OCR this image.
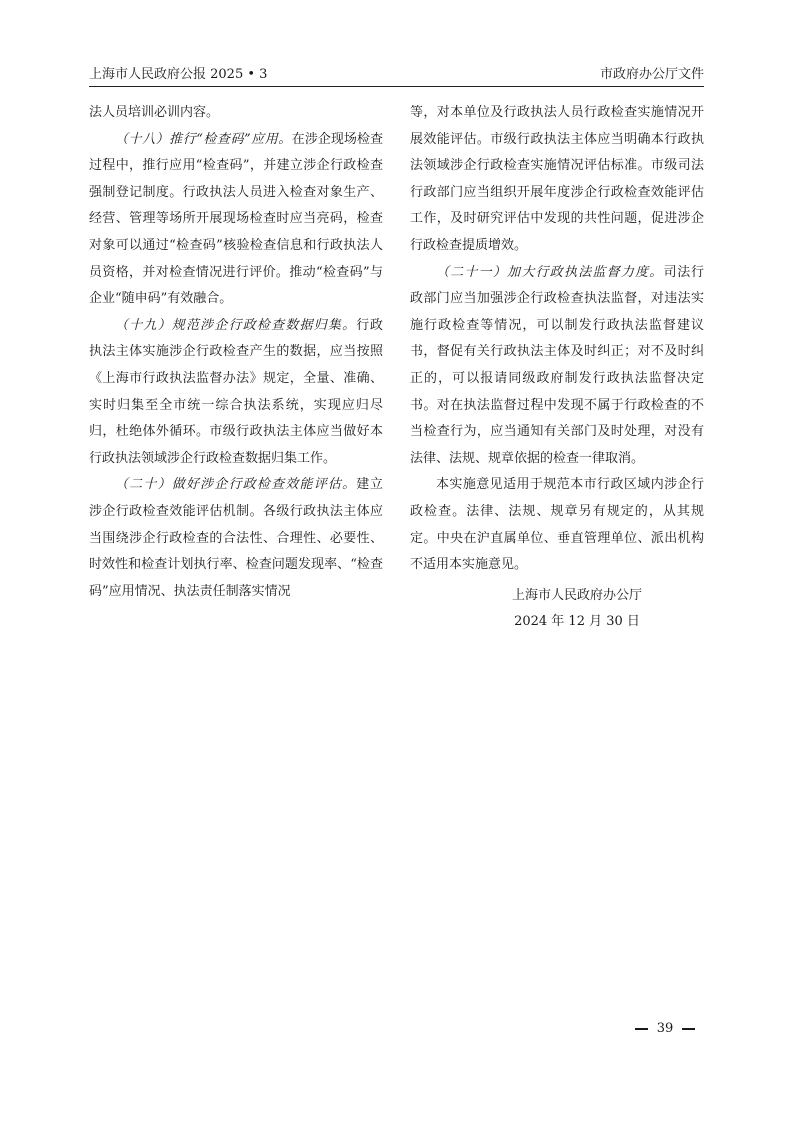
上海市人民政府公报 2025 • 3	市政府办公厅文件

法人员培训必训内容。

（十八）推行“检查码”应用。在涉企现场检查过程中，推行应用“检查码”，并建立涉企行政检查强制登记制度。行政执法人员进入检查对象生产、经营、管理等场所开展现场检查时应当亮码，检查对象可以通过“检查码”核验检查信息和行政执法人员资格，并对检查情况进行评价。推动“检查码”与企业“随申码”有效融合。

（十九）规范涉企行政检查数据归集。行政执法主体实施涉企行政检查产生的数据，应当按照《上海市行政执法监督办法》规定，全量、准确、实时归集至全市统一综合执法系统，实现应归尽归，杜绝体外循环。市级行政执法主体应当做好本行政执法领域涉企行政检查数据归集工作。

（二十）做好涉企行政检查效能评估。建立涉企行政检查效能评估机制。各级行政执法主体应当围绕涉企行政检查的合法性、合理性、必要性、时效性和检查计划执行率、检查问题发现率、“检查码”应用情况、执法责任制落实情况

等，对本单位及行政执法人员行政检查实施情况开展效能评估。市级行政执法主体应当明确本行政执法领域涉企行政检查实施情况评估标准。市级司法行政部门应当组织开展年度涉企行政检查效能评估工作，及时研究评估中发现的共性问题，促进涉企行政检查提质增效。

（二十一）加大行政执法监督力度。司法行政部门应当加强涉企行政检查执法监督，对违法实施行政检查等情况，可以制发行政执法监督建议书，督促有关行政执法主体及时纠正；对不及时纠正的，可以报请同级政府制发行政执法监督决定书。对在执法监督过程中发现不属于行政检查的不当检查行为，应当通知有关部门及时处理，对没有法律、法规、规章依据的检查一律取消。

本实施意见适用于规范本市行政区域内涉企行政检查。法律、法规、规章另有规定的，从其规定。中央在沪直属单位、垂直管理单位、派出机构不适用本实施意见。

上海市人民政府办公厅

2024 年 12 月 30 日

39
